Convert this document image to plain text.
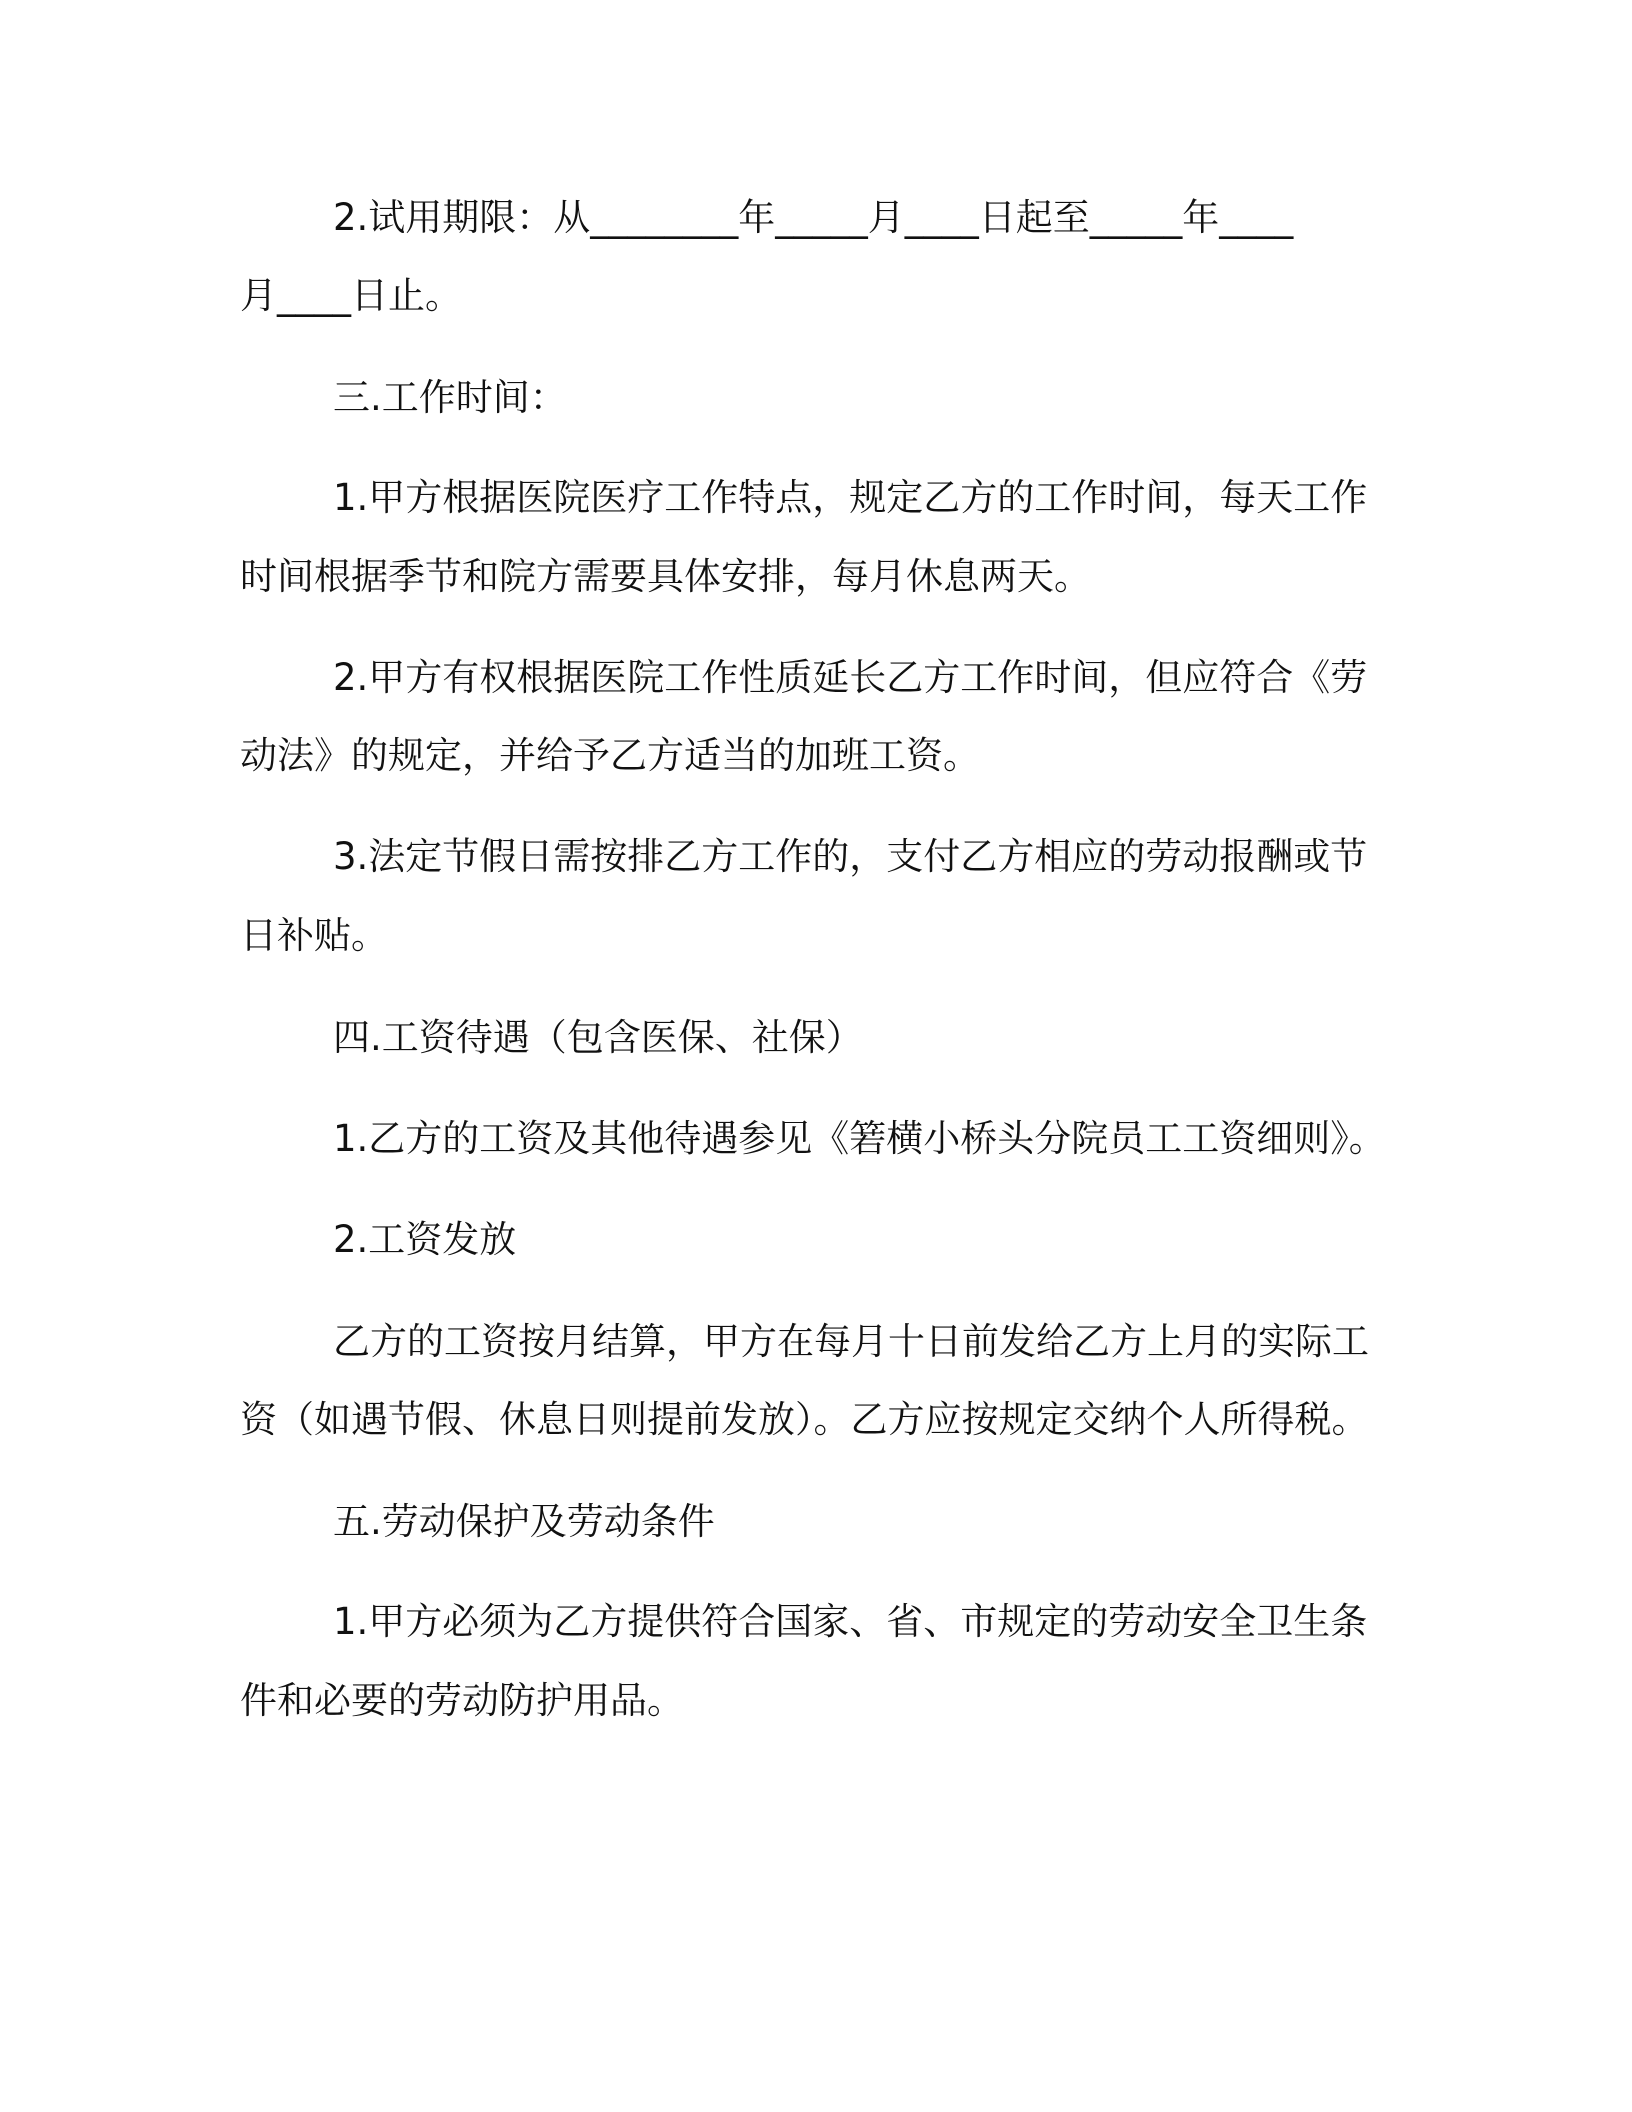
2.试用期限：从________年_____月____日起至_____年____
月____日止。
三.工作时间：
1.甲方根据医院医疗工作特点，规定乙方的工作时间，每天工作
时间根据季节和院方需要具体安排，每月休息两天。
2.甲方有权根据医院工作性质延长乙方工作时间，但应符合《劳
动法》的规定，并给予乙方适当的加班工资。
3.法定节假日需按排乙方工作的，支付乙方相应的劳动报酬或节
日补贴。
四.工资待遇（包含医保、社保）
1.乙方的工资及其他待遇参见《箬横小桥头分院员工工资细则》。
2.工资发放
乙方的工资按月结算，甲方在每月十日前发给乙方上月的实际工
资（如遇节假、休息日则提前发放）。乙方应按规定交纳个人所得税。
五.劳动保护及劳动条件
1.甲方必须为乙方提供符合国家、省、市规定的劳动安全卫生条
件和必要的劳动防护用品。
